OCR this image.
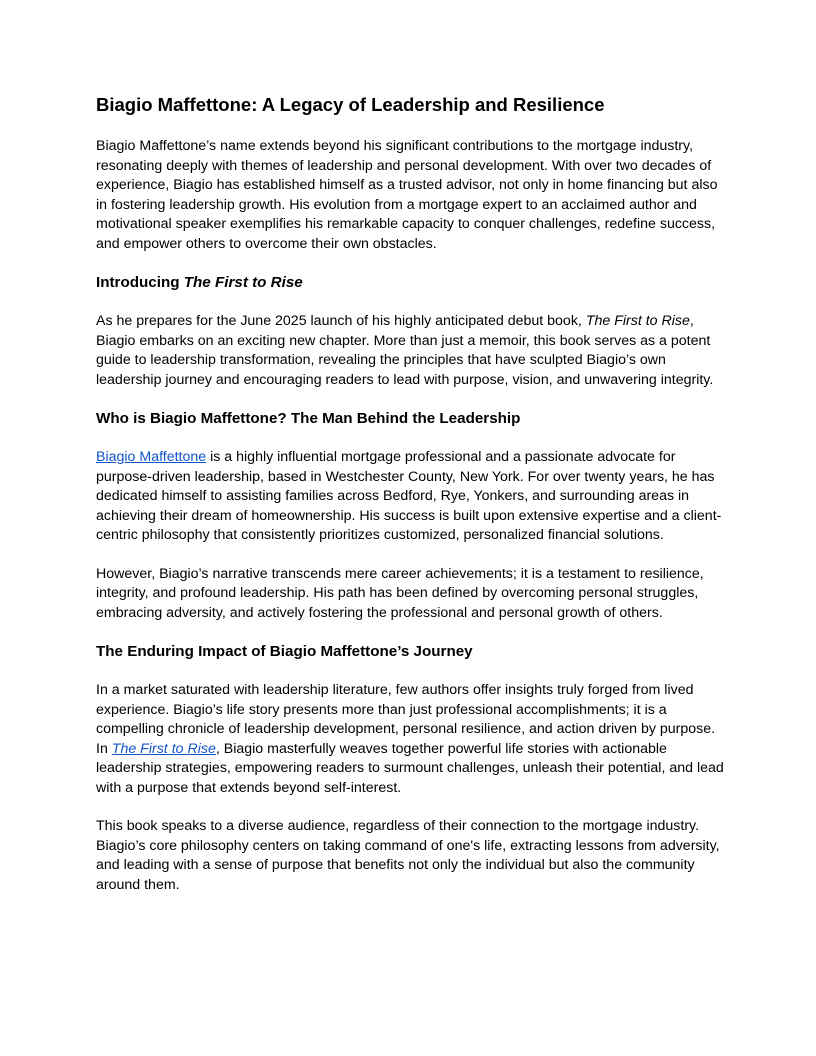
Biagio Maffettone: A Legacy of Leadership and Resilience

Biagio Maffettone’s name extends beyond his significant contributions to the mortgage industry, resonating deeply with themes of leadership and personal development. With over two decades of experience, Biagio has established himself as a trusted advisor, not only in home financing but also in fostering leadership growth. His evolution from a mortgage expert to an acclaimed author and motivational speaker exemplifies his remarkable capacity to conquer challenges, redefine success, and empower others to overcome their own obstacles.

Introducing The First to Rise

As he prepares for the June 2025 launch of his highly anticipated debut book, The First to Rise, Biagio embarks on an exciting new chapter. More than just a memoir, this book serves as a potent guide to leadership transformation, revealing the principles that have sculpted Biagio’s own leadership journey and encouraging readers to lead with purpose, vision, and unwavering integrity.

Who is Biagio Maffettone? The Man Behind the Leadership

Biagio Maffettone is a highly influential mortgage professional and a passionate advocate for purpose-driven leadership, based in Westchester County, New York. For over twenty years, he has dedicated himself to assisting families across Bedford, Rye, Yonkers, and surrounding areas in achieving their dream of homeownership. His success is built upon extensive expertise and a client-centric philosophy that consistently prioritizes customized, personalized financial solutions.

However, Biagio’s narrative transcends mere career achievements; it is a testament to resilience, integrity, and profound leadership. His path has been defined by overcoming personal struggles, embracing adversity, and actively fostering the professional and personal growth of others.

The Enduring Impact of Biagio Maffettone’s Journey

In a market saturated with leadership literature, few authors offer insights truly forged from lived experience. Biagio’s life story presents more than just professional accomplishments; it is a compelling chronicle of leadership development, personal resilience, and action driven by purpose. In The First to Rise, Biagio masterfully weaves together powerful life stories with actionable leadership strategies, empowering readers to surmount challenges, unleash their potential, and lead with a purpose that extends beyond self-interest.

This book speaks to a diverse audience, regardless of their connection to the mortgage industry. Biagio’s core philosophy centers on taking command of one's life, extracting lessons from adversity, and leading with a sense of purpose that benefits not only the individual but also the community around them.
